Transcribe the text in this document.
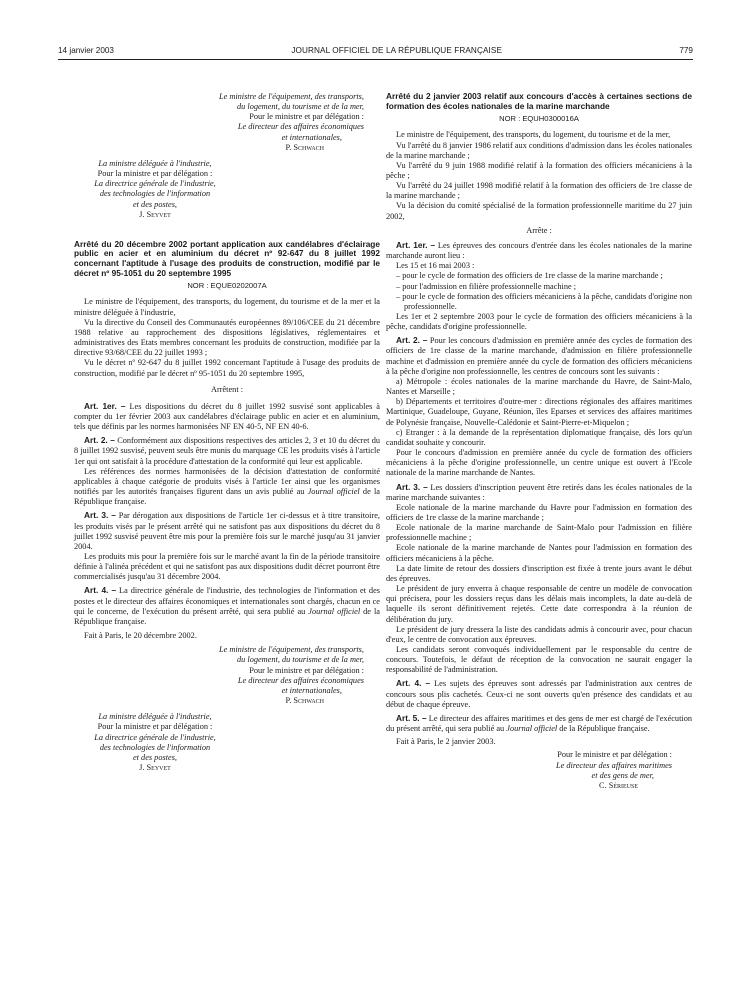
14 janvier 2003	JOURNAL OFFICIEL DE LA RÉPUBLIQUE FRANÇAISE	779
Le ministre de l'équipement, des transports,
du logement, du tourisme et de la mer,
Pour le ministre et par délégation :
Le directeur des affaires économiques
et internationales,
P. Schwach
La ministre déléguée à l'industrie,
Pour la ministre et par délégation :
La directrice générale de l'industrie,
des technologies de l'information
et des postes,
J. Seyvet
Arrêté du 20 décembre 2002 portant application aux candélabres d'éclairage public en acier et en aluminium du décret nº 92-647 du 8 juillet 1992 concernant l'aptitude à l'usage des produits de construction, modifié par le décret nº 95-1051 du 20 septembre 1995
NOR : EQUE0202007A
Le ministre de l'équipement, des transports, du logement, du tourisme et de la mer et la ministre déléguée à l'industrie,
Vu la directive du Conseil des Communautés européennes 89/106/CEE du 21 décembre 1988 relative au rapprochement des dispositions législatives, réglementaires et administratives des Etats membres concernant les produits de construction, modifiée par la directive 93/68/CEE du 22 juillet 1993 ;
Vu le décret nº 92-647 du 8 juillet 1992 concernant l'aptitude à l'usage des produits de construction, modifié par le décret nº 95-1051 du 20 septembre 1995,
Arrêtent :
Art. 1er. – Les dispositions du décret du 8 juillet 1992 susvisé sont applicables à compter du 1er février 2003 aux candélabres d'éclairage public en acier et en aluminium, tels que définis par les normes harmonisées NF EN 40-5, NF EN 40-6.
Art. 2. – Conformément aux dispositions respectives des articles 2, 3 et 10 du décret du 8 juillet 1992 susvisé, peuvent seuls être munis du marquage CE les produits visés à l'article 1er qui ont satisfait à la procédure d'attestation de la conformité qui leur est applicable.
Les références des normes harmonisées de la décision d'attestation de conformité applicables à chaque catégorie de produits visés à l'article 1er ainsi que les organismes notifiés par les autorités françaises figurent dans un avis publié au Journal officiel de la République française.
Art. 3. – Par dérogation aux dispositions de l'article 1er ci-dessus et à titre transitoire, les produits visés par le présent arrêté qui ne satisfont pas aux dispositions du décret du 8 juillet 1992 susvisé peuvent être mis pour la première fois sur le marché jusqu'au 31 janvier 2004.
Les produits mis pour la première fois sur le marché avant la fin de la période transitoire définie à l'alinéa précédent et qui ne satisfont pas aux dispositions dudit décret pourront être commercialisés jusqu'au 31 décembre 2004.
Art. 4. – La directrice générale de l'industrie, des technologies de l'information et des postes et le directeur des affaires économiques et internationales sont chargés, chacun en ce qui le concerne, de l'exécution du présent arrêté, qui sera publié au Journal officiel de la République française.
Fait à Paris, le 20 décembre 2002.
Le ministre de l'équipement, des transports,
du logement, du tourisme et de la mer,
Pour le ministre et par délégation :
Le directeur des affaires économiques
et internationales,
P. Schwach
La ministre déléguée à l'industrie,
Pour la ministre et par délégation :
La directrice générale de l'industrie,
des technologies de l'information
et des postes,
J. Seyvet
Arrêté du 2 janvier 2003 relatif aux concours d'accès à certaines sections de formation des écoles nationales de la marine marchande
NOR : EQUH0300016A
Le ministre de l'équipement, des transports, du logement, du tourisme et de la mer,
Vu l'arrêté du 8 janvier 1986 relatif aux conditions d'admission dans les écoles nationales de la marine marchande ;
Vu l'arrêté du 9 juin 1988 modifié relatif à la formation des officiers mécaniciens à la pêche ;
Vu l'arrêté du 24 juillet 1998 modifié relatif à la formation des officiers de 1re classe de la marine marchande ;
Vu la décision du comité spécialisé de la formation professionnelle maritime du 27 juin 2002,
Arrête :
Art. 1er. – Les épreuves des concours d'entrée dans les écoles nationales de la marine marchande auront lieu :
Les 15 et 16 mai 2003 :
– pour le cycle de formation des officiers de 1re classe de la marine marchande ;
– pour l'admission en filière professionnelle machine ;
– pour le cycle de formation des officiers mécaniciens à la pêche, candidats d'origine non professionnelle.
Les 1er et 2 septembre 2003 pour le cycle de formation des officiers mécaniciens à la pêche, candidats d'origine professionnelle.
Art. 2. – Pour les concours d'admission en première année des cycles de formation des officiers de 1re classe de la marine marchande, d'admission en filière professionnelle machine et d'admission en première année du cycle de formation des officiers mécaniciens à la pêche d'origine non professionnelle, les centres de concours sont les suivants :
a) Métropole : écoles nationales de la marine marchande du Havre, de Saint-Malo, Nantes et Marseille ;
b) Départements et territoires d'outre-mer : directions régionales des affaires maritimes Martinique, Guadeloupe, Guyane, Réunion, îles Eparses et services des affaires maritimes de Polynésie française, Nouvelle-Calédonie et Saint-Pierre-et-Miquelon ;
c) Etranger : à la demande de la représentation diplomatique française, dès lors qu'un candidat souhaite y concourir.
Pour le concours d'admission en première année du cycle de formation des officiers mécaniciens à la pêche d'origine professionnelle, un centre unique est ouvert à l'Ecole nationale de la marine marchande de Nantes.
Art. 3. – Les dossiers d'inscription peuvent être retirés dans les écoles nationales de la marine marchande suivantes :
Ecole nationale de la marine marchande du Havre pour l'admission en formation des officiers de 1re classe de la marine marchande ;
Ecole nationale de la marine marchande de Saint-Malo pour l'admission en filière professionnelle machine ;
Ecole nationale de la marine marchande de Nantes pour l'admission en formation des officiers mécaniciens à la pêche.
La date limite de retour des dossiers d'inscription est fixée à trente jours avant le début des épreuves.
Le président de jury enverra à chaque responsable de centre un modèle de convocation qui précisera, pour les dossiers reçus dans les délais mais incomplets, la date au-delà de laquelle ils seront définitivement rejetés. Cette date correspondra à la réunion de délibération du jury.
Le président de jury dressera la liste des candidats admis à concourir avec, pour chacun d'eux, le centre de convocation aux épreuves.
Les candidats seront convoqués individuellement par le responsable du centre de concours. Toutefois, le défaut de réception de la convocation ne saurait engager la responsabilité de l'administration.
Art. 4. – Les sujets des épreuves sont adressés par l'administration aux centres de concours sous plis cachetés. Ceux-ci ne sont ouverts qu'en présence des candidats et au début de chaque épreuve.
Art. 5. – Le directeur des affaires maritimes et des gens de mer est chargé de l'exécution du présent arrêté, qui sera publié au Journal officiel de la République française.
Fait à Paris, le 2 janvier 2003.
Pour le ministre et par délégation :
Le directeur des affaires maritimes
et des gens de mer,
C. Sérieuse
